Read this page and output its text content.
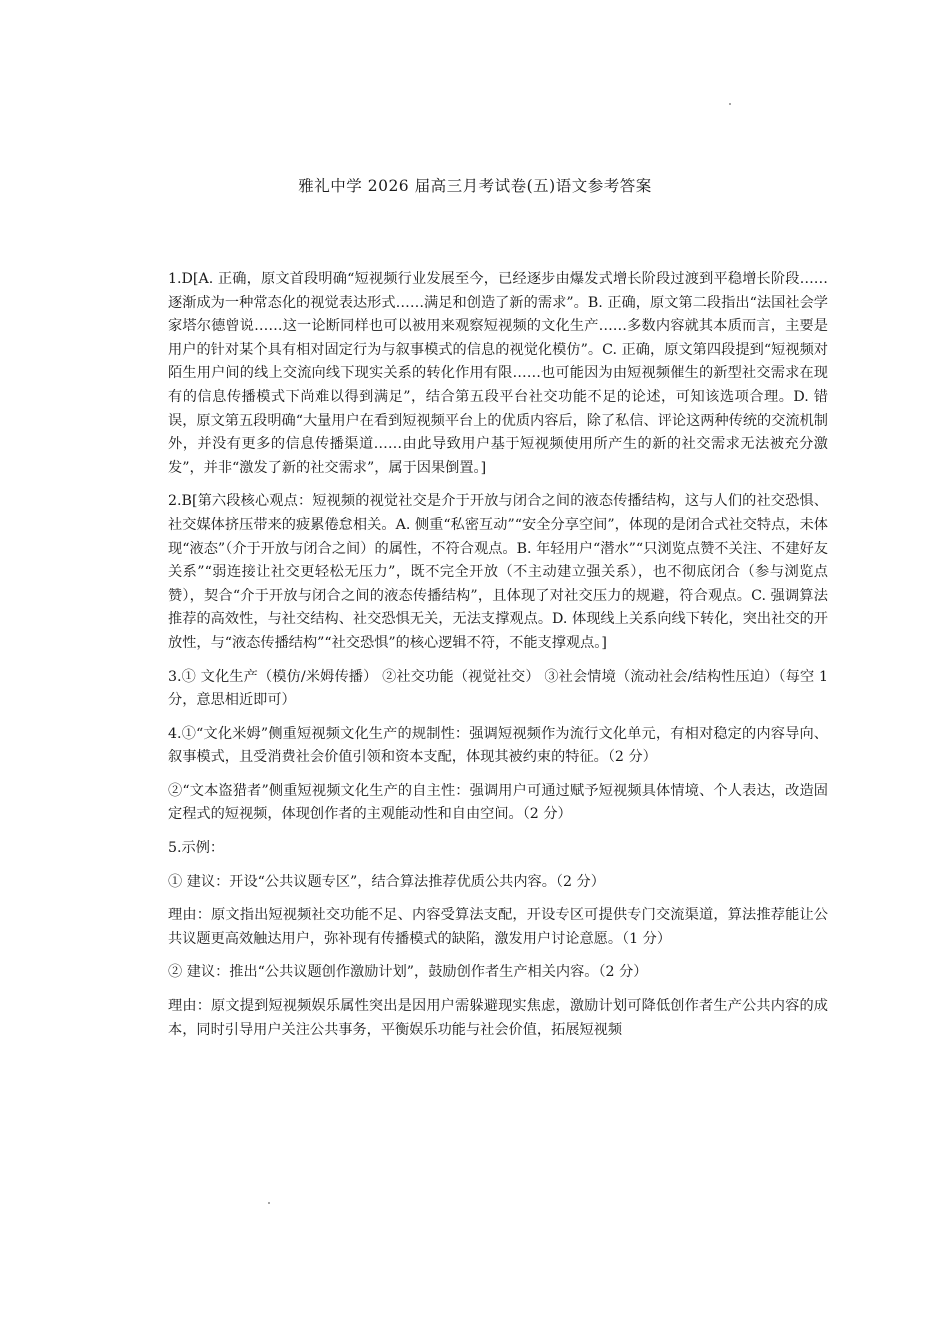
雅礼中学 2026 届高三月考试卷(五)语文参考答案

1.D[A. 正确，原文首段明确“短视频行业发展至今，已经逐步由爆发式增长阶段过渡到平稳增长阶段……逐渐成为一种常态化的视觉表达形式……满足和创造了新的需求”。B. 正确，原文第二段指出“法国社会学家塔尔德曾说……这一论断同样也可以被用来观察短视频的文化生产……多数内容就其本质而言，主要是用户的针对某个具有相对固定行为与叙事模式的信息的视觉化模仿”。C. 正确，原文第四段提到“短视频对陌生用户间的线上交流向线下现实关系的转化作用有限……也可能因为由短视频催生的新型社交需求在现有的信息传播模式下尚难以得到满足”，结合第五段平台社交功能不足的论述，可知该选项合理。D. 错误，原文第五段明确“大量用户在看到短视频平台上的优质内容后，除了私信、评论这两种传统的交流机制外，并没有更多的信息传播渠道……由此导致用户基于短视频使用所产生的新的社交需求无法被充分激发”，并非“激发了新的社交需求”，属于因果倒置。]

2.B[第六段核心观点：短视频的视觉社交是介于开放与闭合之间的液态传播结构，这与人们的社交恐惧、社交媒体挤压带来的疲累倦怠相关。A. 侧重“私密互动”“安全分享空间”，体现的是闭合式社交特点，未体现“液态”（介于开放与闭合之间）的属性，不符合观点。B. 年轻用户“潜水”“只浏览点赞不关注、不建好友关系”“弱连接让社交更轻松无压力”，既不完全开放（不主动建立强关系），也不彻底闭合（参与浏览点赞），契合“介于开放与闭合之间的液态传播结构”，且体现了对社交压力的规避，符合观点。C. 强调算法推荐的高效性，与社交结构、社交恐惧无关，无法支撑观点。D. 体现线上关系向线下转化，突出社交的开放性，与“液态传播结构”“社交恐惧”的核心逻辑不符，不能支撑观点。]

3.① 文化生产（模仿/米姆传播） ②社交功能（视觉社交） ③社会情境（流动社会/结构性压迫）（每空 1 分，意思相近即可）

4.①“文化米姆”侧重短视频文化生产的规制性：强调短视频作为流行文化单元，有相对稳定的内容导向、叙事模式，且受消费社会价值引领和资本支配，体现其被约束的特征。（2 分）

②“文本盗猎者”侧重短视频文化生产的自主性：强调用户可通过赋予短视频具体情境、个人表达，改造固定程式的短视频，体现创作者的主观能动性和自由空间。（2 分）

5.示例：

① 建议：开设“公共议题专区”，结合算法推荐优质公共内容。（2 分）

理由：原文指出短视频社交功能不足、内容受算法支配，开设专区可提供专门交流渠道，算法推荐能让公共议题更高效触达用户，弥补现有传播模式的缺陷，激发用户讨论意愿。（1 分）

② 建议：推出“公共议题创作激励计划”，鼓励创作者生产相关内容。（2 分）

理由：原文提到短视频娱乐属性突出是因用户需躲避现实焦虑，激励计划可降低创作者生产公共内容的成本，同时引导用户关注公共事务，平衡娱乐功能与社会价值，拓展短视频
